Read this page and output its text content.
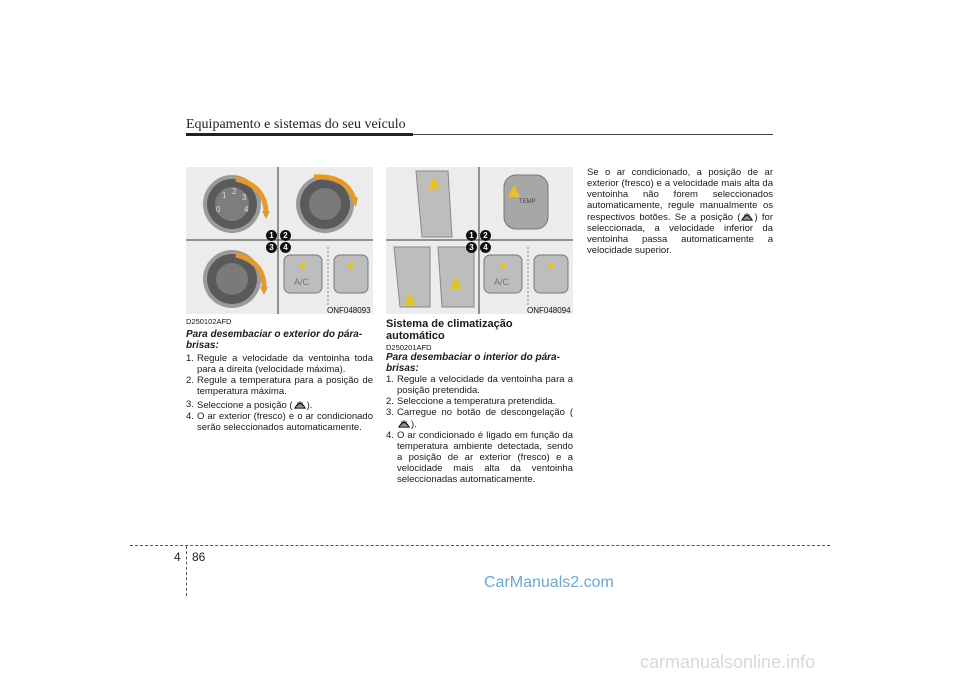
Equipamento e sistemas do seu veículo
0
1 2
3
4
A/C
1	2
3	4
ONF048093
TEMP
A/C
1	2
3	4
ONF048094
D250102AFD
Para desembaciar o exterior do pára-brisas:
1. Regule a velocidade da ventoinha toda para a direita (velocidade máxima).
2. Regule a temperatura para a posição de temperatura máxima.
3. Seleccione a posição ( ).
4. O ar exterior (fresco) e o ar condicionado serão seleccionados automaticamente.
Sistema de climatização automático
D250201AFD
Para desembaciar o interior do pára-brisas:
1. Regule a velocidade da ventoinha para a posição pretendida.
2. Seleccione a temperatura pretendida.
3. Carregue no botão de descongelação ().
4. O ar condicionado é ligado em função da temperatura ambiente detectada, sendo a posição de ar exterior (fresco) e a velocidade mais alta da ventoinha seleccionadas automaticamente.

Se o ar condicionado, a posição de ar exterior (fresco) e a velocidade mais alta da ventoinha não forem seleccionados automaticamente, regule manualmente os respectivos botões. Se a posição ( ) for seleccionada, a velocidade inferior da ventoinha passa automaticamente a velocidade superior.

4 86
CarManuals2.com
carmanualsonline.info
